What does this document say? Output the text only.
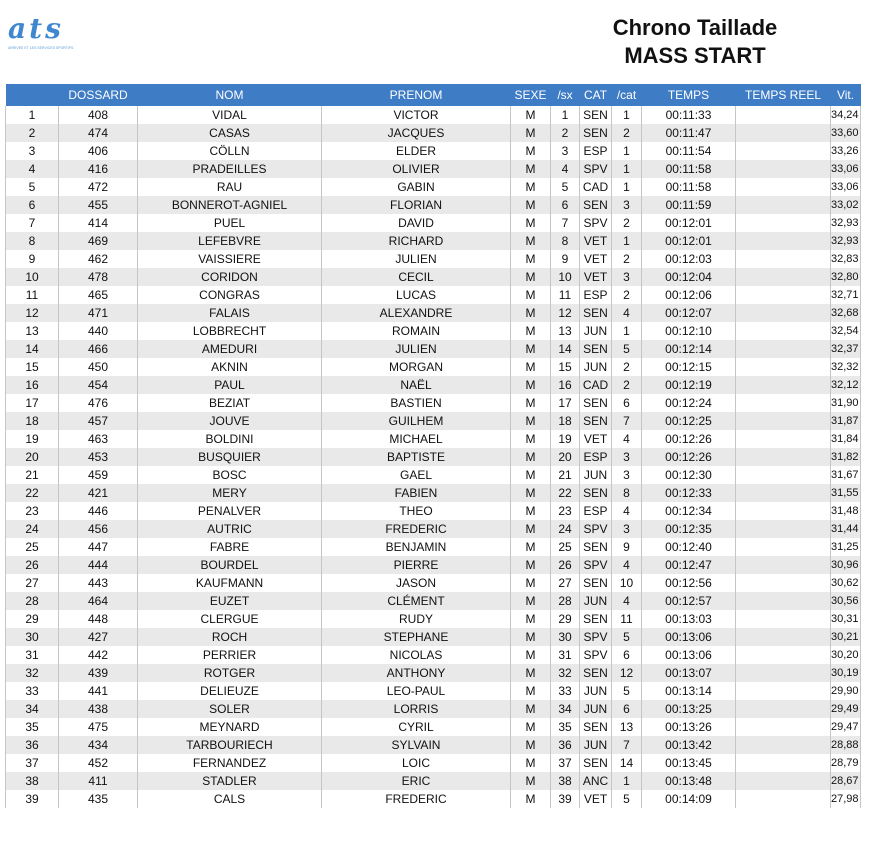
ats
ARRIVEE ET LES SERVICES SPORTIFS
Chrono Taillade
MASS START
	DOSSARD	NOM	PRENOM	SEXE	/sx	CAT	/cat	TEMPS	TEMPS REEL	Vit.
1	408	VIDAL	VICTOR	M	1	SEN	1	00:11:33		34,24
2	474	CASAS	JACQUES	M	2	SEN	2	00:11:47		33,60
3	406	CÖLLN	ELDER	M	3	ESP	1	00:11:54		33,26
4	416	PRADEILLES	OLIVIER	M	4	SPV	1	00:11:58		33,06
5	472	RAU	GABIN	M	5	CAD	1	00:11:58		33,06
6	455	BONNEROT-AGNIEL	FLORIAN	M	6	SEN	3	00:11:59		33,02
7	414	PUEL	DAVID	M	7	SPV	2	00:12:01		32,93
8	469	LEFEBVRE	RICHARD	M	8	VET	1	00:12:01		32,93
9	462	VAISSIERE	JULIEN	M	9	VET	2	00:12:03		32,83
10	478	CORIDON	CECIL	M	10	VET	3	00:12:04		32,80
11	465	CONGRAS	LUCAS	M	11	ESP	2	00:12:06		32,71
12	471	FALAIS	ALEXANDRE	M	12	SEN	4	00:12:07		32,68
13	440	LOBBRECHT	ROMAIN	M	13	JUN	1	00:12:10		32,54
14	466	AMEDURI	JULIEN	M	14	SEN	5	00:12:14		32,37
15	450	AKNIN	MORGAN	M	15	JUN	2	00:12:15		32,32
16	454	PAUL	NAËL	M	16	CAD	2	00:12:19		32,12
17	476	BEZIAT	BASTIEN	M	17	SEN	6	00:12:24		31,90
18	457	JOUVE	GUILHEM	M	18	SEN	7	00:12:25		31,87
19	463	BOLDINI	MICHAEL	M	19	VET	4	00:12:26		31,84
20	453	BUSQUIER	BAPTISTE	M	20	ESP	3	00:12:26		31,82
21	459	BOSC	GAEL	M	21	JUN	3	00:12:30		31,67
22	421	MERY	FABIEN	M	22	SEN	8	00:12:33		31,55
23	446	PENALVER	THEO	M	23	ESP	4	00:12:34		31,48
24	456	AUTRIC	FREDERIC	M	24	SPV	3	00:12:35		31,44
25	447	FABRE	BENJAMIN	M	25	SEN	9	00:12:40		31,25
26	444	BOURDEL	PIERRE	M	26	SPV	4	00:12:47		30,96
27	443	KAUFMANN	JASON	M	27	SEN	10	00:12:56		30,62
28	464	EUZET	CLÉMENT	M	28	JUN	4	00:12:57		30,56
29	448	CLERGUE	RUDY	M	29	SEN	11	00:13:03		30,31
30	427	ROCH	STEPHANE	M	30	SPV	5	00:13:06		30,21
31	442	PERRIER	NICOLAS	M	31	SPV	6	00:13:06		30,20
32	439	ROTGER	ANTHONY	M	32	SEN	12	00:13:07		30,19
33	441	DELIEUZE	LEO-PAUL	M	33	JUN	5	00:13:14		29,90
34	438	SOLER	LORRIS	M	34	JUN	6	00:13:25		29,49
35	475	MEYNARD	CYRIL	M	35	SEN	13	00:13:26		29,47
36	434	TARBOURIECH	SYLVAIN	M	36	JUN	7	00:13:42		28,88
37	452	FERNANDEZ	LOIC	M	37	SEN	14	00:13:45		28,79
38	411	STADLER	ERIC	M	38	ANC	1	00:13:48		28,67
39	435	CALS	FREDERIC	M	39	VET	5	00:14:09		27,98
